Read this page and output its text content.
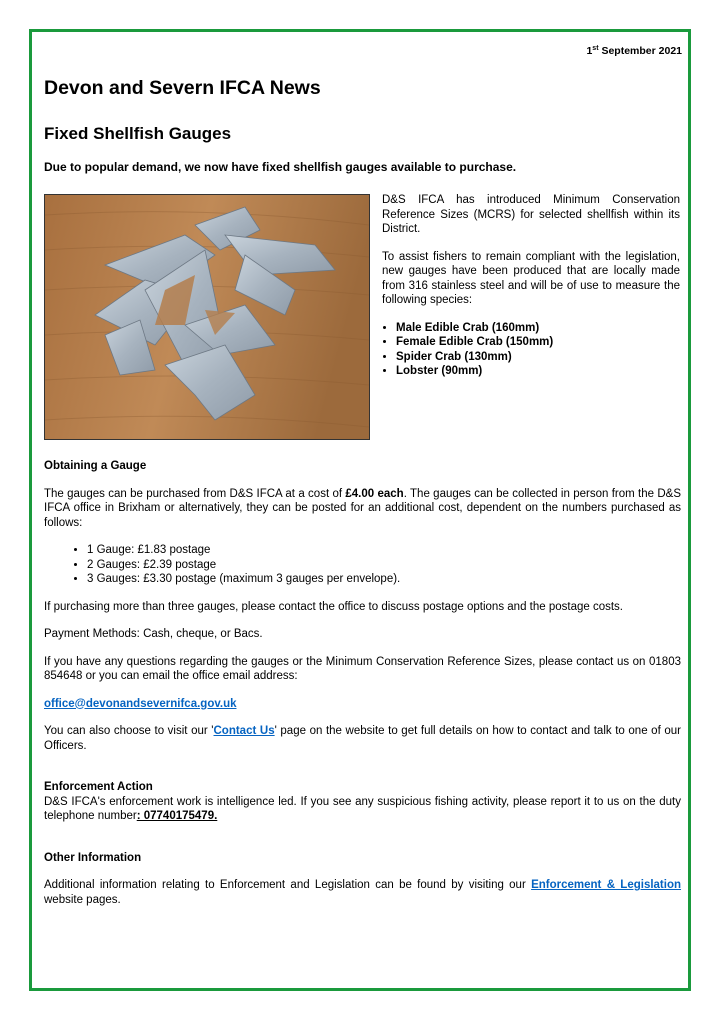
1st September 2021
Devon and Severn IFCA News
Fixed Shellfish Gauges
Due to popular demand, we now have fixed shellfish gauges available to purchase.

D&S IFCA has introduced Minimum Conservation Reference Sizes (MCRS) for selected shellfish within its District.

To assist fishers to remain compliant with the legislation, new gauges have been produced that are locally made from 316 stainless steel and will be of use to measure the following species:

• Male Edible Crab (160mm)
• Female Edible Crab (150mm)
• Spider Crab (130mm)
• Lobster (90mm)
Obtaining a Gauge

The gauges can be purchased from D&S IFCA at a cost of £4.00 each. The gauges can be collected in person from the D&S IFCA office in Brixham or alternatively, they can be posted for an additional cost, dependent on the numbers purchased as follows:

• 1 Gauge: £1.83 postage
• 2 Gauges: £2.39 postage
• 3 Gauges: £3.30 postage (maximum 3 gauges per envelope).

If purchasing more than three gauges, please contact the office to discuss postage options and the postage costs.

Payment Methods: Cash, cheque, or Bacs.

If you have any questions regarding the gauges or the Minimum Conservation Reference Sizes, please contact us on 01803 854648 or you can email the office email address:

office@devonandsevernifca.gov.uk

You can also choose to visit our 'Contact Us' page on the website to get full details on how to contact and talk to one of our Officers.

Enforcement Action

D&S IFCA's enforcement work is intelligence led. If you see any suspicious fishing activity, please report it to us on the duty telephone number: 07740175479.

Other Information

Additional information relating to Enforcement and Legislation can be found by visiting our Enforcement & Legislation website pages.
